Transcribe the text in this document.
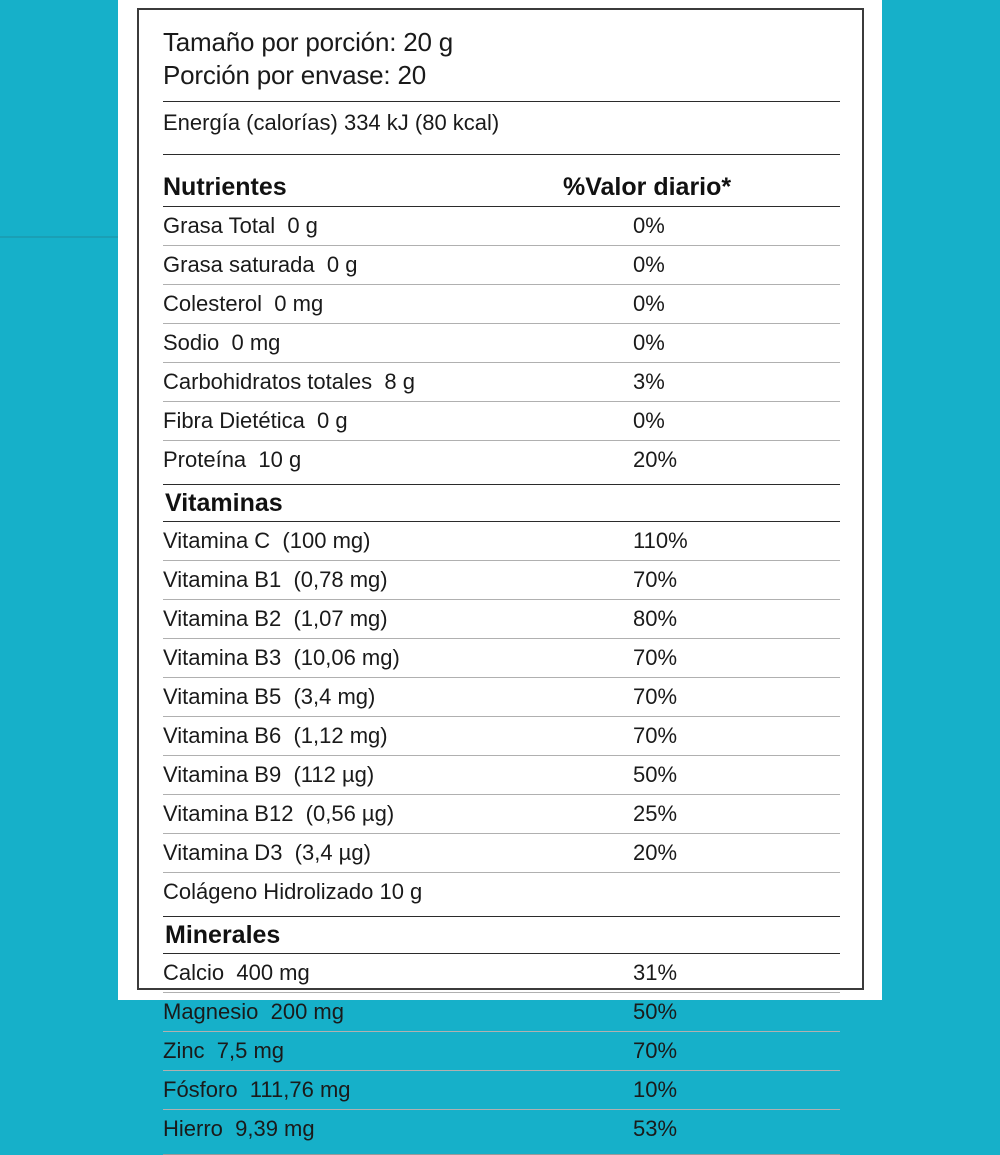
Tamaño por porción: 20 g
Porción por envase: 20
Energía (calorías) 334 kJ (80 kcal)
Nutrientes	%Valor diario*
Grasa Total  0 g	0%
Grasa saturada  0 g	0%
Colesterol  0 mg	0%
Sodio  0 mg	0%
Carbohidratos totales  8 g	3%
Fibra Dietética  0 g	0%
Proteína  10 g	20%
Vitaminas
Vitamina C  (100 mg)	110%
Vitamina B1  (0,78 mg)	70%
Vitamina B2  (1,07 mg)	80%
Vitamina B3  (10,06 mg)	70%
Vitamina B5  (3,4 mg)	70%
Vitamina B6  (1,12 mg)	70%
Vitamina B9  (112 µg)	50%
Vitamina B12  (0,56 µg)	25%
Vitamina D3  (3,4 µg)	20%
Colágeno Hidrolizado 10 g
Minerales
Calcio  400 mg	31%
Magnesio  200 mg	50%
Zinc  7,5 mg	70%
Fósforo  111,76 mg	10%
Hierro  9,39 mg	53%
